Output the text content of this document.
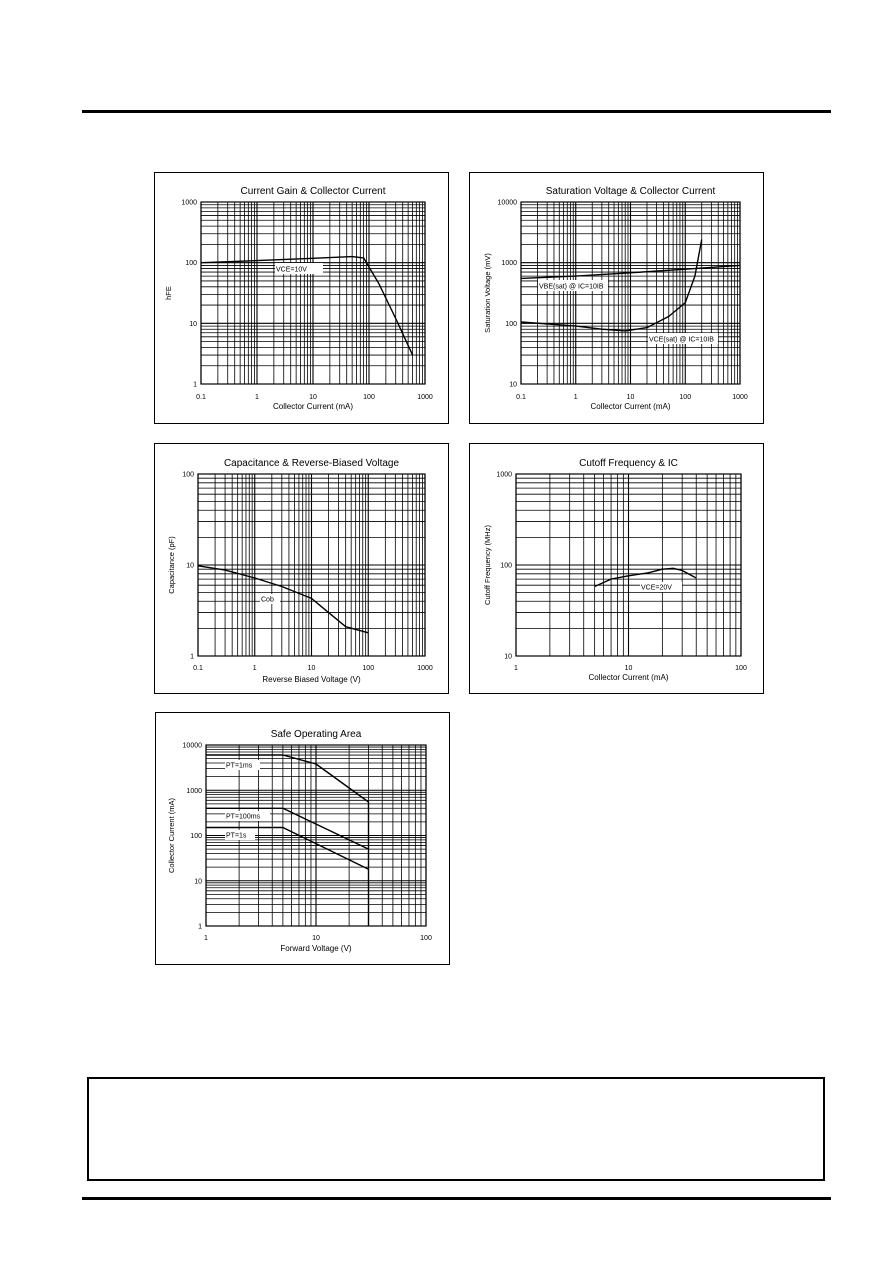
Current Gain & Collector Current
Collector Current (mA)
hFE
0.1	1	10	100	1000
1
10
100
1000
VCE=10V
Saturation Voltage & Collector Current
Collector Current (mA)
Saturation Voltage (mV)
0.1	1	10	100	1000
10
100
1000
10000
VBE(sat) @ IC=10IB
VCE(sat) @ IC=10IB
Capacitance & Reverse-Biased Voltage
Reverse Biased Voltage (V)
Capacitance (pF)
0.1	1	10	100	1000
1
10
100
Cob
Cutoff Frequency & IC
Collector Current (mA)
Cutoff Frequency (MHz)
1	10	100
10
100
1000
VCE=20V
Safe Operating Area
Forward Voltage (V)
Collector Current (mA)
1	10	100
1
10
100
1000
10000
PT=1ms
PT=100ms
PT=1s
